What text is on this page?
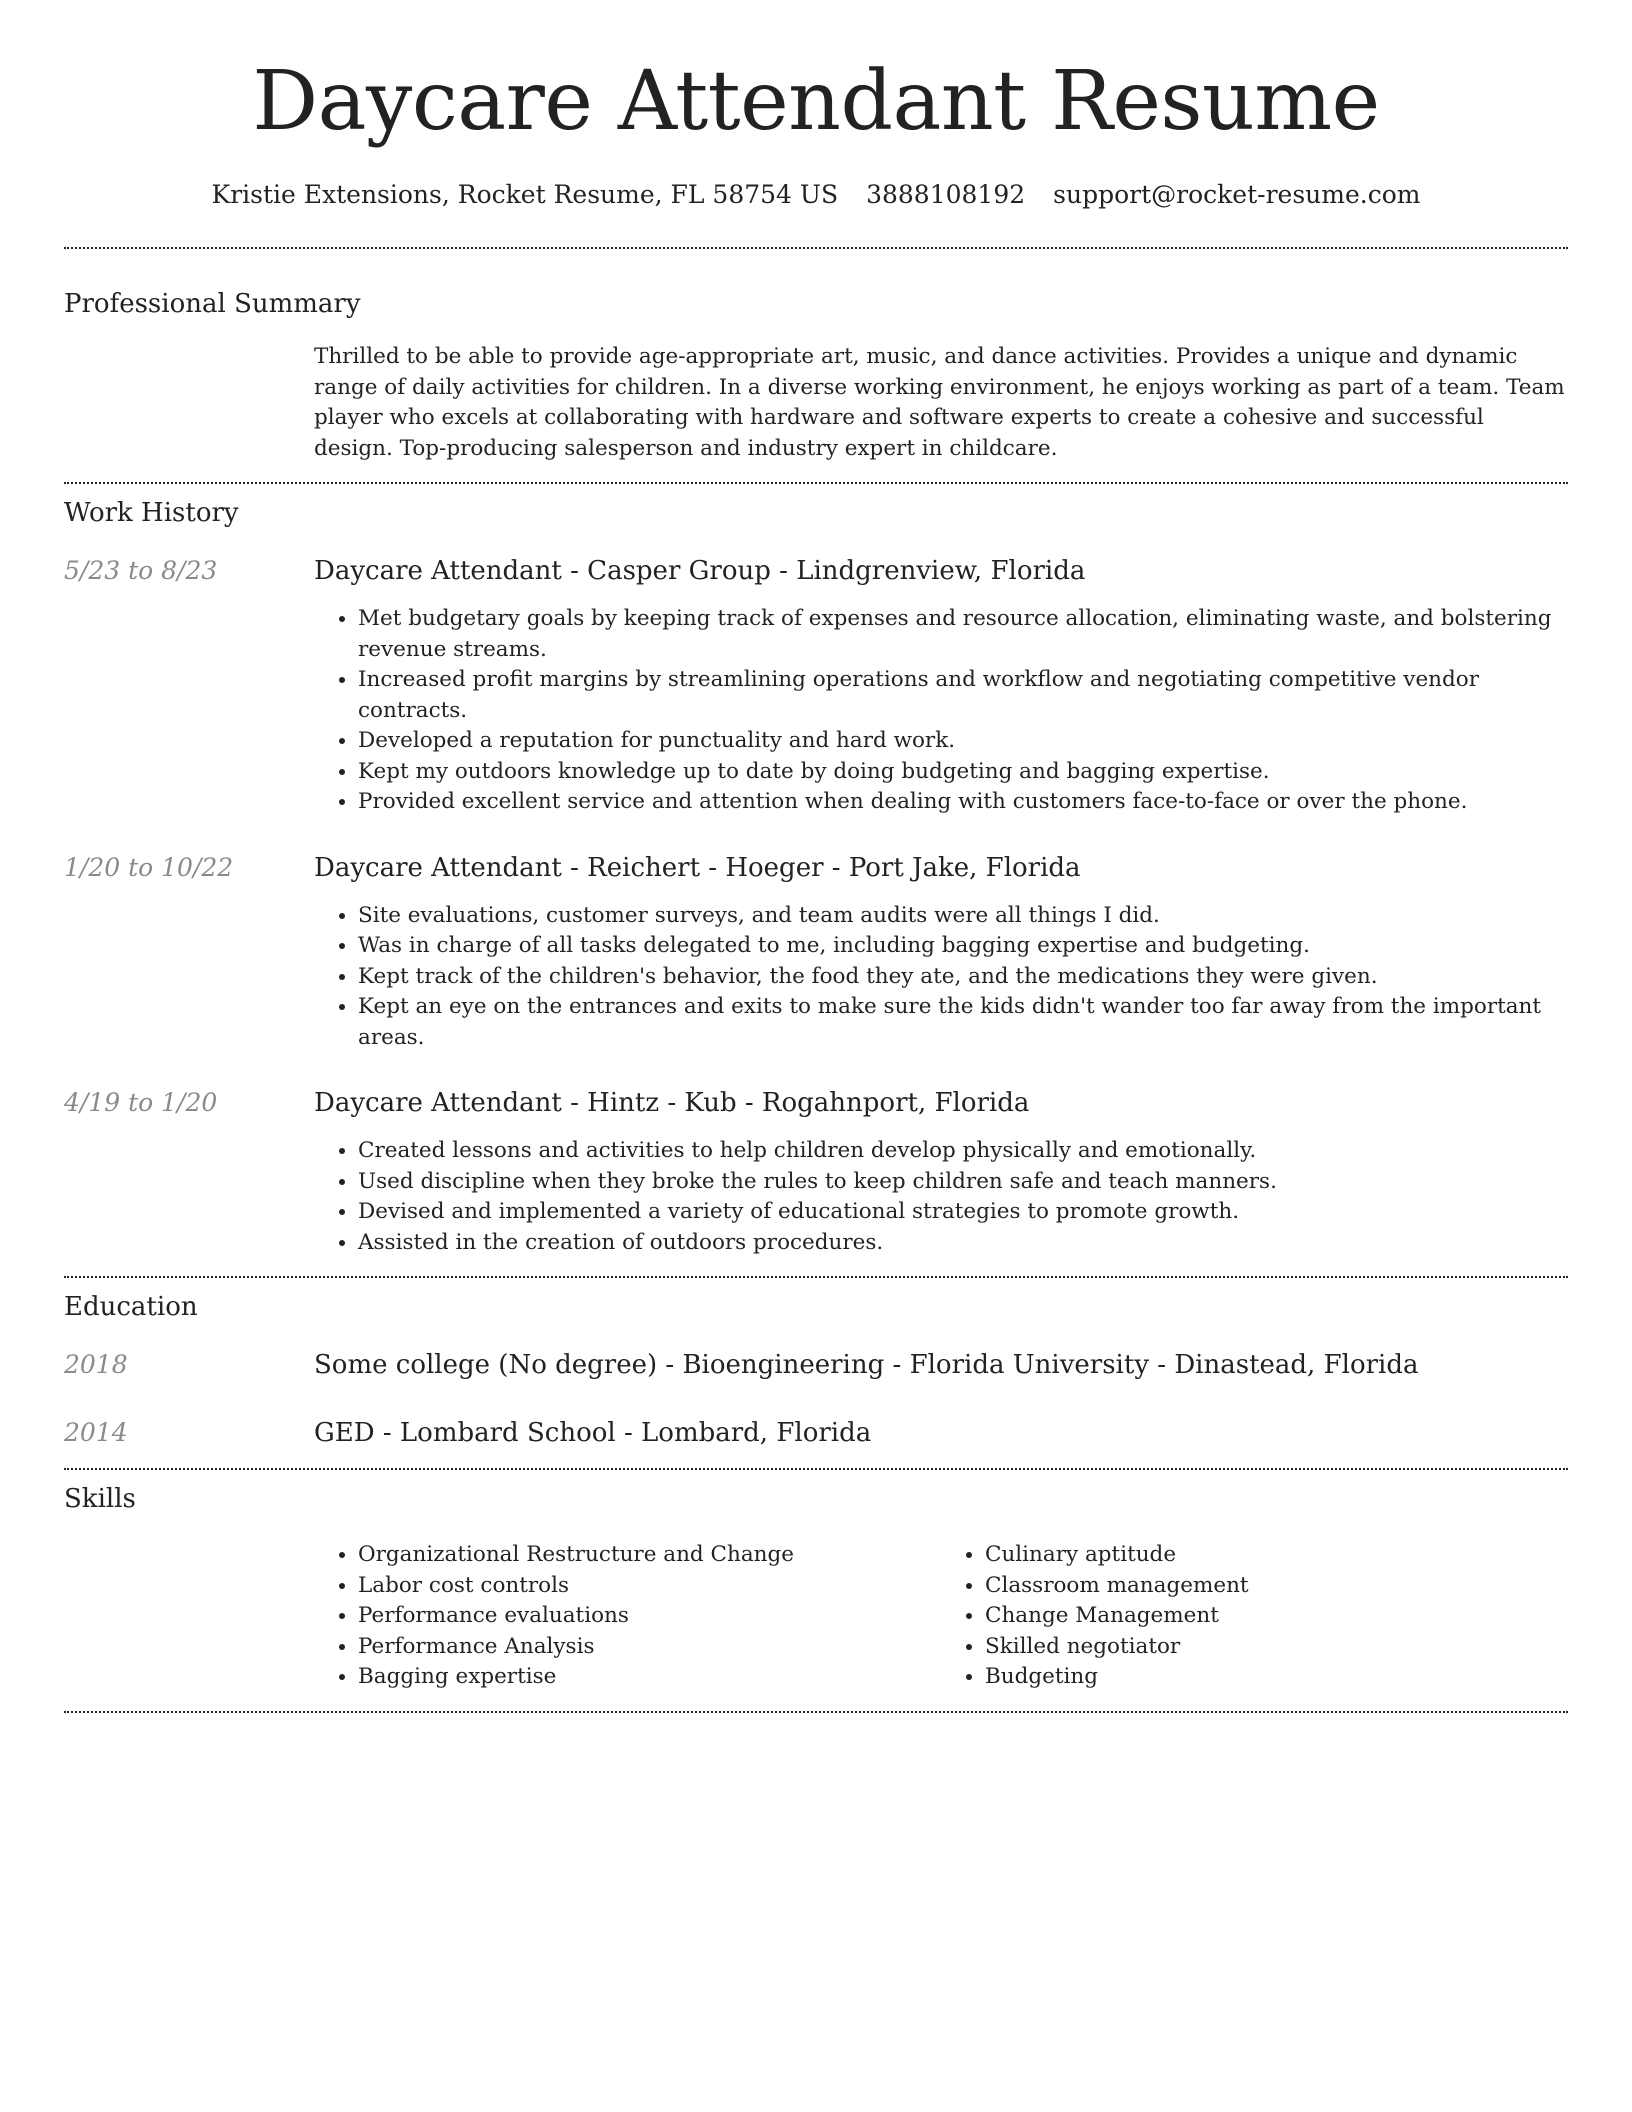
Daycare Attendant Resume
Kristie Extensions, Rocket Resume, FL 58754 US 3888108192 support@rocket-resume.com
Professional Summary
Thrilled to be able to provide age-appropriate art, music, and dance activities. Provides a unique and dynamic range of daily activities for children. In a diverse working environment, he enjoys working as part of a team. Team player who excels at collaborating with hardware and software experts to create a cohesive and successful design. Top-producing salesperson and industry expert in childcare.
Work History
5/23 to 8/23	Daycare Attendant - Casper Group - Lindgrenview, Florida
• Met budgetary goals by keeping track of expenses and resource allocation, eliminating waste, and bolstering revenue streams.
• Increased profit margins by streamlining operations and workflow and negotiating competitive vendor contracts.
• Developed a reputation for punctuality and hard work.
• Kept my outdoors knowledge up to date by doing budgeting and bagging expertise.
• Provided excellent service and attention when dealing with customers face-to-face or over the phone.
1/20 to 10/22	Daycare Attendant - Reichert - Hoeger - Port Jake, Florida
• Site evaluations, customer surveys, and team audits were all things I did.
• Was in charge of all tasks delegated to me, including bagging expertise and budgeting.
• Kept track of the children's behavior, the food they ate, and the medications they were given.
• Kept an eye on the entrances and exits to make sure the kids didn't wander too far away from the important areas.
4/19 to 1/20	Daycare Attendant - Hintz - Kub - Rogahnport, Florida
• Created lessons and activities to help children develop physically and emotionally.
• Used discipline when they broke the rules to keep children safe and teach manners.
• Devised and implemented a variety of educational strategies to promote growth.
• Assisted in the creation of outdoors procedures.
Education
2018	Some college (No degree) - Bioengineering - Florida University - Dinastead, Florida
2014	GED - Lombard School - Lombard, Florida
Skills
• Organizational Restructure and Change
• Labor cost controls
• Performance evaluations
• Performance Analysis
• Bagging expertise
• Culinary aptitude
• Classroom management
• Change Management
• Skilled negotiator
• Budgeting
